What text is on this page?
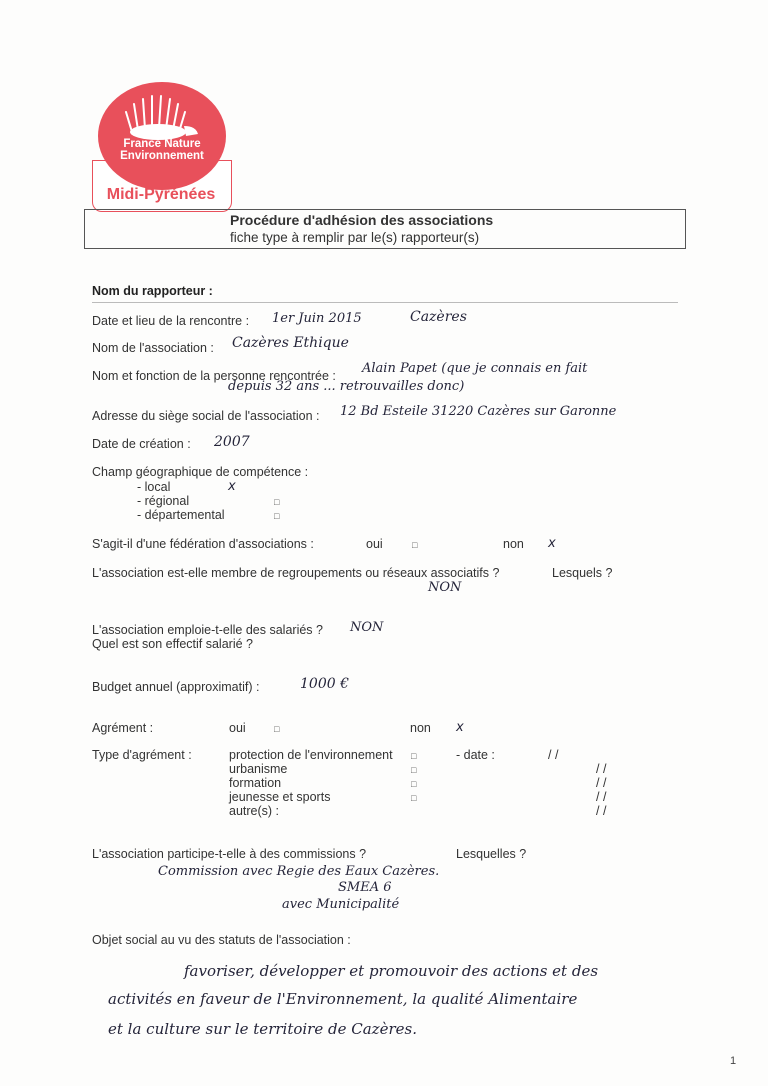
France Nature Environnement
Midi-Pyrénées
Procédure d'adhésion des associations
fiche type à remplir par le(s) rapporteur(s)
Nom du rapporteur :
Date et lieu de la rencontre : 1er Juin 2015	Cazères
Nom de l'association : Cazères Ethique
Nom et fonction de la personne rencontrée : Alain Papet (que je connais en fait
depuis 32 ans ... retrouvailles donc)
Adresse du siège social de l'association : 12 Bd Esteile 31220 Cazères sur Garonne
Date de création : 2007
Champ géographique de compétence :
- local	x
- régional	□
- départemental	□
S'agit-il d'une fédération d'associations :	oui	□	non x
L'association est-elle membre de regroupements ou réseaux associatifs ?	Lesquels ?
NON
L'association emploie-t-elle des salariés ? NON
Quel est son effectif salarié ?
Budget annuel (approximatif) :	1000 €
Agrément :	oui	□	non x
Type d'agrément :	protection de l'environnement □	- date :	/ /
urbanisme	□	/ /
formation	□	/ /
jeunesse et sports	□	/ /
autre(s) :	/ /
L'association participe-t-elle à des commissions ?	Lesquelles ?
Commission avec Regie des Eaux Cazères.
SMEA 6
avec Municipalité
Objet social au vu des statuts de l'association :
favoriser, développer et promouvoir des actions et des
activités en faveur de l'Environnement, la qualité Alimentaire
et la culture sur le territoire de Cazères.
1
